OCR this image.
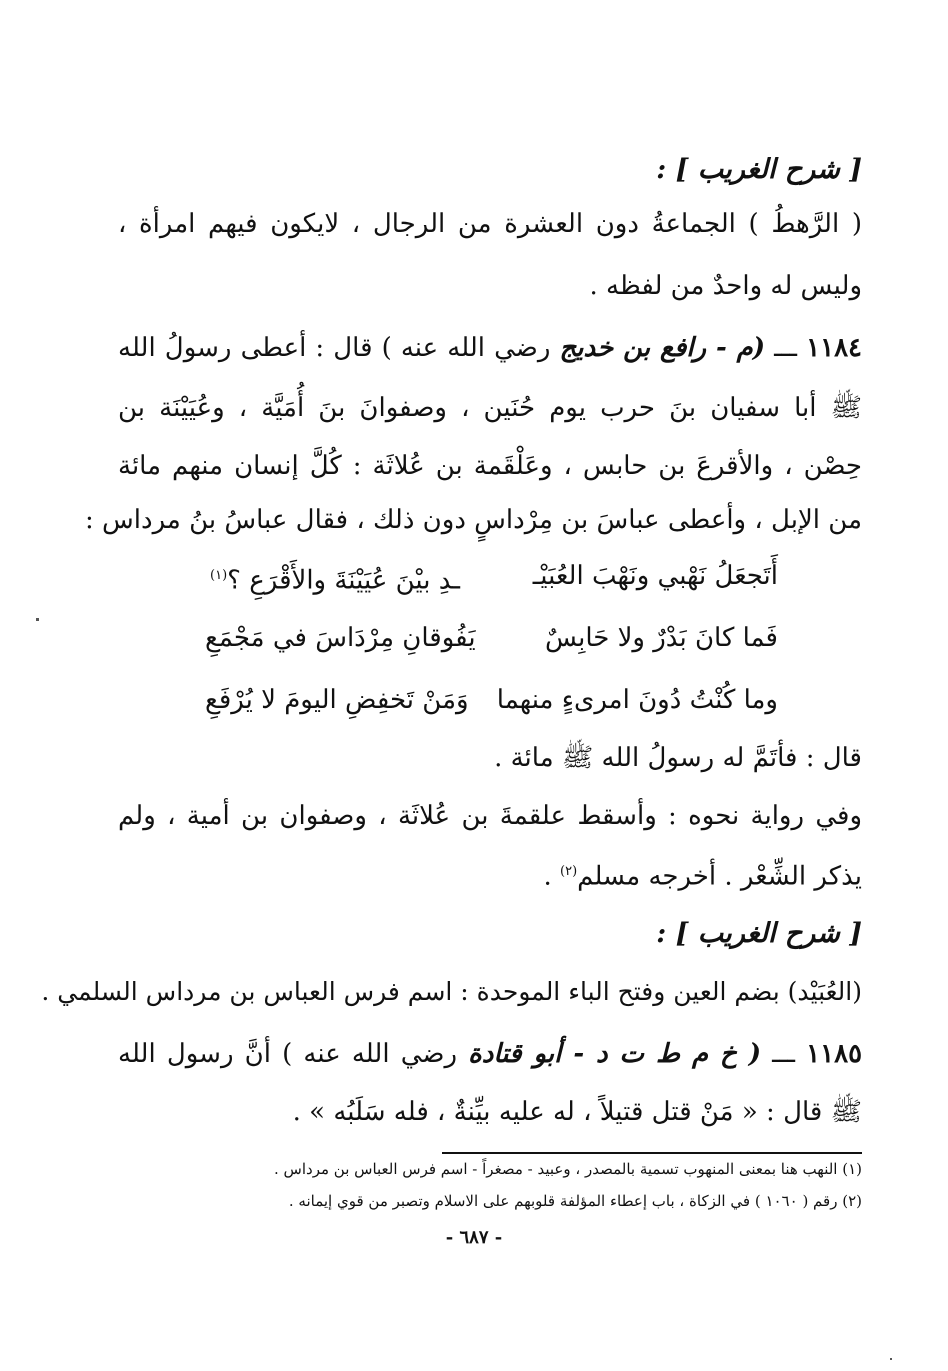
[ شرح الغريب ] :
( الرَّهطُ ) الجماعةُ دون العشرة من الرجال ، لايكون فيهم امرأة ،
وليس له واحدٌ من لفظه .
١١٨٤ ـــ (م - رافع بن خديج رضي الله عنه ) قال : أعطى رسولُ الله
ﷺ أبا سفيان بنَ حرب يوم حُنَين ، وصفوانَ بنَ أُمَيَّة ، وعُيَيْنَة بن
حِصْن ، والأقرعَ بن حابس ، وعَلْقَمة بن عُلاثَة : كُلَّ إنسان منهم مائة
من الإبل ، وأعطى عباسَ بن مِرْداسٍ دون ذلك ، فقال عباسُ بنُ مرداس :
أَتَجعَلُ نَهْبي ونَهْبَ العُبَيْـ
ـدِ بيْنَ عُيَيْنَةَ والأَقْرَعِ ؟$^{(١)}$
فَما كانَ بَدْرٌ ولا حَابِسٌ
يَفُوقانِ مِرْدَاسَ في مَجْمَعِ
وما كُنْتُ دُونَ امرىءٍ منهما
وَمَنْ تَخفِضِ اليومَ لا يُرْفَعِ
قال : فأتَمَّ له رسولُ الله ﷺ مائة .
وفي رواية نحوه : وأسقط علقمةَ بن عُلاثَة ، وصفوان بن أمية ، ولم
يذكر الشِّعْر . أخرجه مسلم$^{(٢)}$ .
[ شرح الغريب ] :
(العُبَيْد) بضم العين وفتح الباء الموحدة : اسم فرس العباس بن مرداس السلمي .
١١٨٥ ـــ ( خ م ط ت د - أبو قتادة رضي الله عنه ) أنَّ رسول الله
ﷺ قال : « مَنْ قتل قتيلاً ، له عليه بيِّنةٌ ، فله سَلَبُه » .
(١) النهب هنا بمعنى المنهوب تسمية بالمصدر ، وعبيد - مصغراً - اسم فرس العباس بن مرداس .
(٢) رقم ( ١٠٦٠ ) في الزكاة ، باب إعطاء المؤلفة قلوبهم على الاسلام وتصبر من قوي إيمانه .
- ٦٨٧ -
